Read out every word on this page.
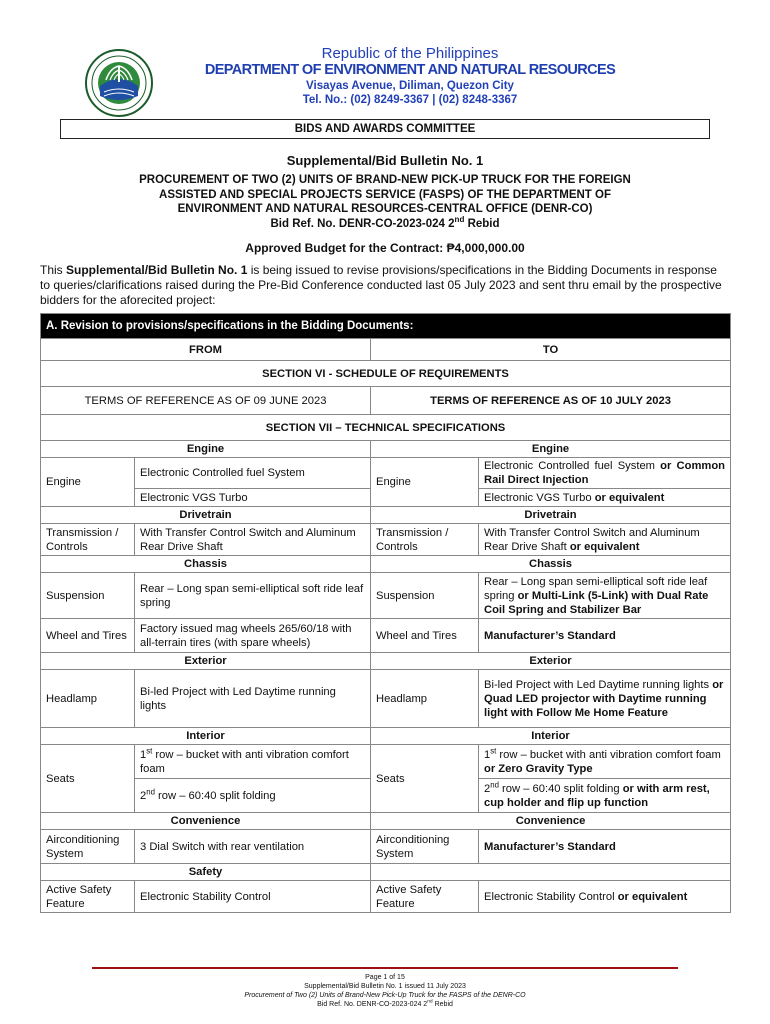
Republic of the Philippines
DEPARTMENT OF ENVIRONMENT AND NATURAL RESOURCES
Visayas Avenue, Diliman, Quezon City
Tel. No.: (02) 8249-3367 | (02) 8248-3367
BIDS AND AWARDS COMMITTEE
Supplemental/Bid Bulletin No. 1
PROCUREMENT OF TWO (2) UNITS OF BRAND-NEW PICK-UP TRUCK FOR THE FOREIGN
ASSISTED AND SPECIAL PROJECTS SERVICE (FASPS) OF THE DEPARTMENT OF
ENVIRONMENT AND NATURAL RESOURCES-CENTRAL OFFICE (DENR-CO)
Bid Ref. No. DENR-CO-2023-024 2nd Rebid
Approved Budget for the Contract: ₱4,000,000.00
This Supplemental/Bid Bulletin No. 1 is being issued to revise provisions/specifications in the Bidding Documents in response to queries/clarifications raised during the Pre-Bid Conference conducted last 05 July 2023 and sent thru email by the prospective bidders for the aforecited project:
A. Revision to provisions/specifications in the Bidding Documents:			
FROM		TO	
SECTION VI - SCHEDULE OF REQUIREMENTS			
TERMS OF REFERENCE AS OF 09 JUNE 2023		TERMS OF REFERENCE AS OF 10 JULY 2023	
SECTION VII – TECHNICAL SPECIFICATIONS			
Engine		Engine	
Engine	Electronic Controlled fuel System	Engine	Electronic Controlled fuel System or Common Rail Direct Injection
	Electronic VGS Turbo		Electronic VGS Turbo or equivalent
Drivetrain		Drivetrain	
Transmission / Controls	With Transfer Control Switch and Aluminum Rear Drive Shaft	Transmission / Controls	With Transfer Control Switch and Aluminum Rear Drive Shaft or equivalent
Chassis		Chassis	
Suspension	Rear – Long span semi-elliptical soft ride leaf spring	Suspension	Rear – Long span semi-elliptical soft ride leaf spring or Multi-Link (5-Link) with Dual Rate Coil Spring and Stabilizer Bar
Wheel and Tires	Factory issued mag wheels 265/60/18 with all-terrain tires (with spare wheels)	Wheel and Tires	Manufacturer’s Standard
Exterior		Exterior	
Headlamp	Bi-led Project with Led Daytime running lights	Headlamp	Bi-led Project with Led Daytime running lights or Quad LED projector with Daytime running light with Follow Me Home Feature
Interior		Interior	
Seats	1st row – bucket with anti vibration comfort foam	Seats	1st row – bucket with anti vibration comfort foam or Zero Gravity Type
	2nd row – 60:40 split folding		2nd row – 60:40 split folding or with arm rest, cup holder and flip up function
Convenience		Convenience	
Airconditioning System	3 Dial Switch with rear ventilation	Airconditioning System	Manufacturer’s Standard
Safety			
Active Safety Feature	Electronic Stability Control	Active Safety Feature	Electronic Stability Control or equivalent
Page 1 of 15
Supplemental/Bid Bulletin No. 1 issued 11 July 2023
Procurement of Two (2) Units of Brand-New Pick-Up Truck for the FASPS of the DENR-CO
Bid Ref. No. DENR-CO-2023-024 2nd Rebid
